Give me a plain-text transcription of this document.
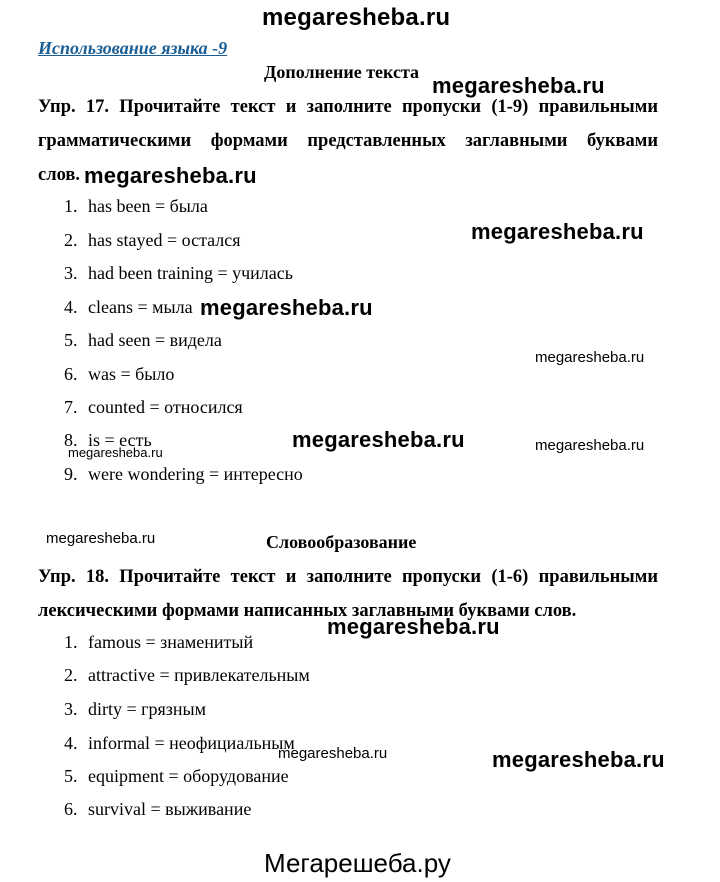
megaresheba.ru
Использование языка -9
Дополнение текста
megaresheba.ru
Упр. 17. Прочитайте текст и заполните пропуски (1-9) правильными
грамматическими формами представленных заглавными буквами
слов. megaresheba.ru
1. has been = была
2. has stayed = остался	megaresheba.ru
3. had been training = училась
4. cleans = мыла megaresheba.ru
5. had seen = видела
megaresheba.ru
6. was = было
7. counted = относился
8. is = есть	megaresheba.ru	megaresheba.ru
megaresheba.ru
9. were wondering = интересно
megaresheba.ru	Словообразование
Упр. 18. Прочитайте текст и заполните пропуски (1-6) правильными
лексическими формами написанных заглавными буквами слов.
megaresheba.ru
1. famous = знаменитый
2. attractive = привлекательным
3. dirty = грязным
4. informal = неофициальным
megaresheba.ru	megaresheba.ru
5. equipment = оборудование
6. survival = выживание
Мегарешеба.ру
